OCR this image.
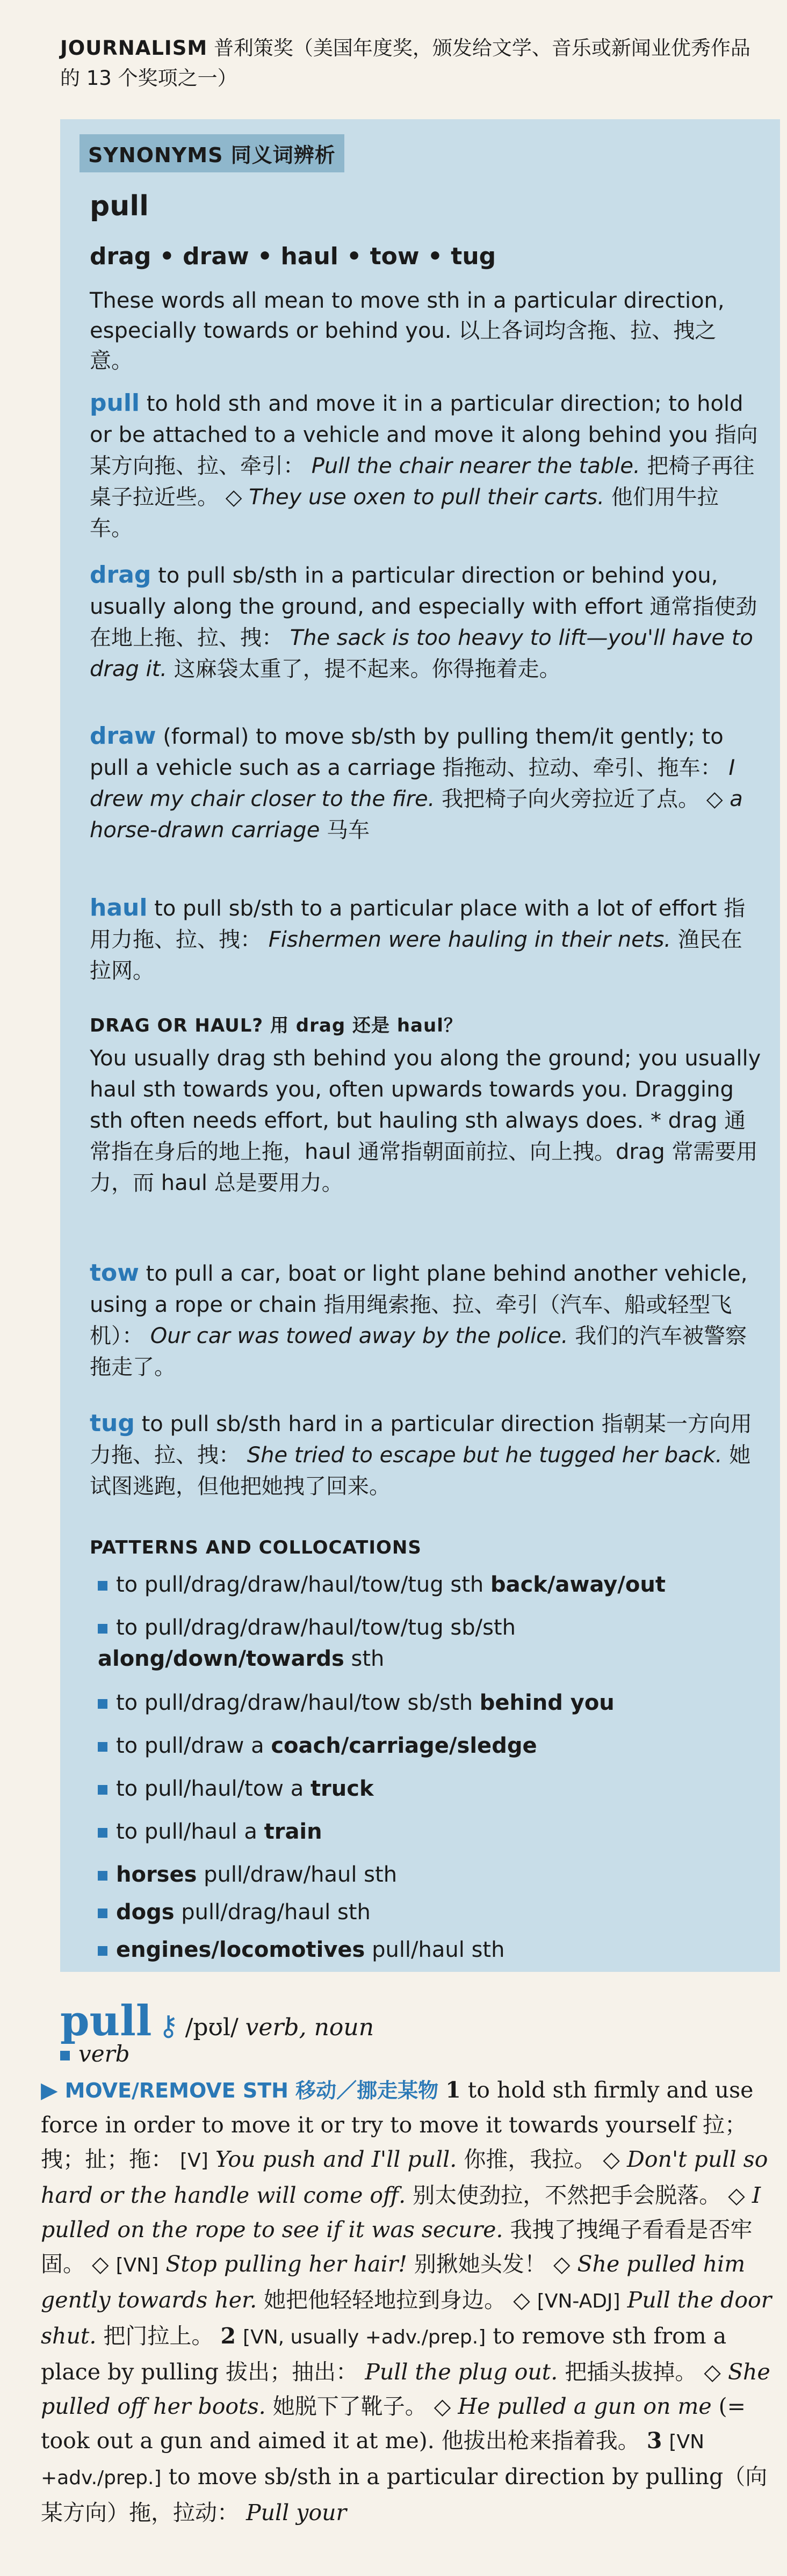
JOURNALISM 普利策奖（美国年度奖，颁发给文学、音乐或新闻业优秀作品的 13 个奖项之一）
SYNONYMS 同义词辨析
pull
drag • draw • haul • tow • tug
These words all mean to move sth in a particular direction, especially towards or behind you. 以上各词均含拖、拉、拽之意。
pull to hold sth and move it in a particular direction; to hold or be attached to a vehicle and move it along behind you 指向某方向拖、拉、牵引： Pull the chair nearer the table. 把椅子再往桌子拉近些。 ◇ They use oxen to pull their carts. 他们用牛拉车。
drag to pull sb/sth in a particular direction or behind you, usually along the ground, and especially with effort 通常指使劲在地上拖、拉、拽： The sack is too heavy to lift—you'll have to drag it. 这麻袋太重了，提不起来。你得拖着走。
draw (formal) to move sb/sth by pulling them/it gently; to pull a vehicle such as a carriage 指拖动、拉动、牵引、拖车： I drew my chair closer to the fire. 我把椅子向火旁拉近了点。 ◇ a horse-drawn carriage 马车
haul to pull sb/sth to a particular place with a lot of effort 指用力拖、拉、拽： Fishermen were hauling in their nets. 渔民在拉网。
DRAG OR HAUL? 用 drag 还是 haul？
You usually drag sth behind you along the ground; you usually haul sth towards you, often upwards towards you. Dragging sth often needs effort, but hauling sth always does. * drag 通常指在身后的地上拖，haul 通常指朝面前拉、向上拽。drag 常需要用力，而 haul 总是要用力。
tow to pull a car, boat or light plane behind another vehicle, using a rope or chain 指用绳索拖、拉、牵引（汽车、船或轻型飞机）： Our car was towed away by the police. 我们的汽车被警察拖走了。
tug to pull sb/sth hard in a particular direction 指朝某一方向用力拖、拉、拽： She tried to escape but he tugged her back. 她试图逃跑，但他把她拽了回来。
PATTERNS AND COLLOCATIONS
to pull/drag/draw/haul/tow/tug sth back/away/out
to pull/drag/draw/haul/tow/tug sb/sth along/down/towards sth
to pull/drag/draw/haul/tow sb/sth behind you
to pull/draw a coach/carriage/sledge
to pull/haul/tow a truck
to pull/haul a train
horses pull/draw/haul sth
dogs pull/drag/haul sth
engines/locomotives pull/haul sth
pull ⚷ /pʊl/ verb, noun
verb
▶ MOVE/REMOVE STH 移动／挪走某物 1 to hold sth firmly and use force in order to move it or try to move it towards yourself 拉；拽；扯；拖： [V] You push and I'll pull. 你推，我拉。 ◇ Don't pull so hard or the handle will come off. 别太使劲拉，不然把手会脱落。 ◇ I pulled on the rope to see if it was secure. 我拽了拽绳子看看是否牢固。 ◇ [VN] Stop pulling her hair! 别揪她头发！ ◇ She pulled him gently towards her. 她把他轻轻地拉到身边。 ◇ [VN-ADJ] Pull the door shut. 把门拉上。 2 [VN, usually +adv./prep.] to remove sth from a place by pulling 拔出；抽出： Pull the plug out. 把插头拔掉。 ◇ She pulled off her boots. 她脱下了靴子。 ◇ He pulled a gun on me (= took out a gun and aimed it at me). 他拔出枪来指着我。 3 [VN +adv./prep.] to move sb/sth in a particular direction by pulling（向某方向）拖，拉动： Pull your
